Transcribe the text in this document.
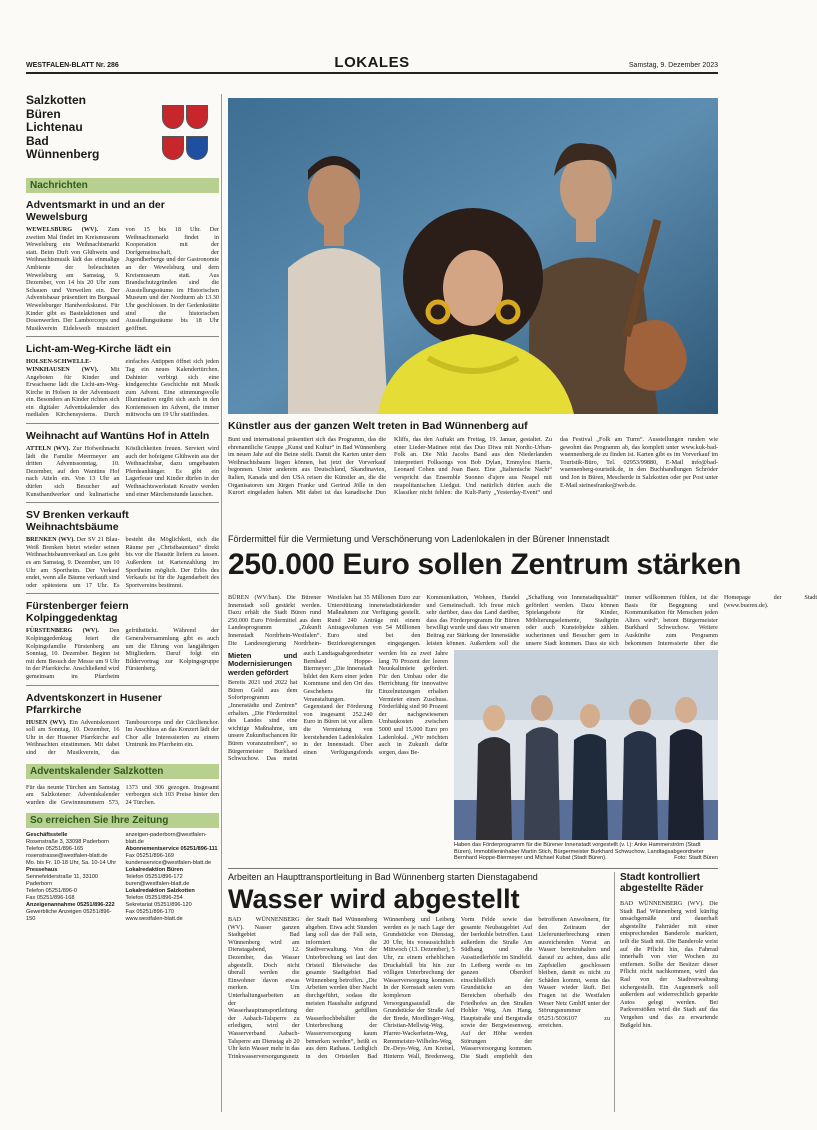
WESTFALEN-BLATT Nr. 286	LOKALES	Samstag, 9. Dezember 2023
Salzkotten
Büren
Lichtenau
Bad
Wünnenberg
Nachrichten
Adventsmarkt in und an der Wewelsburg
WEWELSBURG (WV). Zum zweiten Mal findet im Kreismuseum Wewelsburg ein Weihnachtsmarkt statt. Beim Duft von Glühwein und Weihnachtsmusik lädt das einmalige Ambiente der beleuchteten Wewelsburg am Samstag, 9. Dezember, von 14 bis 20 Uhr zum Schauen und Verweilen ein. Der Adventsbasar präsentiert im Burgsaal Wewelsburger Handwerkskunst. Für Kinder gibt es Bastelaktionen und Dosenwerfen. Der Lamborcorps und Musikverein Eidelsweib musiziert von 15 bis 18 Uhr. Der Weihnachtsmarkt findet in Kooperation mit der Dorfgemeinschaft, der Jugendherberge und der Gastronomie an der Wewelsburg und dem Kreismuseum statt. Aus Brandschutzgründen sind die Ausstellungsräume im Historischen Museum und der Nordturm ab 13.30 Uhr geschlossen. In der Gedenkstätte sind die historischen Ausstellungsräume bis 18 Uhr geöffnet.
Licht-am-Weg-Kirche lädt ein
HOLSEN-SCHWELLE-WINKHAUSEN (WV). Mit Angeboten für Kinder und Erwachsene lädt die Licht-am-Weg-Kirche in Holsen in der Adventszeit ein. Besonders an Kinder richten sich ein digitaler Adventskalender des medialen Kirchensystems. Durch einfaches Antippen öffnet sich jeden Tag ein neues Kalendertürchen. Dahinter verbirgt sich eine kindgerechte Geschichte mit Musik zum Advent. Eine stimmungsvolle Illumination ergibt sich auch in den Koniemessen im Advent, die immer mittwochs um 19 Uhr stattfinden.
Weihnacht auf Wantüns Hof in Atteln
ATTELN (WV). Zur Hofweihnacht lädt die Familie Meermeyer am dritten Adventssonntag, 10. Dezember, auf den Wantüns Hof nach Atteln ein. Von 13 Uhr an dürfen sich Besucher auf Kunsthandwerker und kulinarische Köstlichkeiten freuen. Serviert wird auch der hofeigene Glühwein aus der Weihnachtsbar, dazu umgebauten Pferdeanhänger. Es gibt ein Lagerfeuer und Kinder dürfen in der Weihnachtswerkstatt Kreativ werden und einer Märchenstunde lauschen.
SV Brenken verkauft Weihnachtsbäume
BRENKEN (WV). Der SV 21 Blau-Weiß Brenken bietet wieder seinen Weihnachtsbaumverkauf an. Los geht es am Samstag, 9. Dezember, um 10 Uhr am Sportheim. Der Verkauf endet, wenn alle Bäume verkauft sind oder spätestens um 17 Uhr. Es besteht die Möglichkeit, sich die Räume per „Christbaumtaxi“ direkt bis vor die Haustür liefern zu lassen. Außerdem ist Kartenzahlung im Sportheim möglich. Der Erlös des Verkaufs ist für die Jugendarbeit des Sportvereins bestimmt.
Fürstenberger feiern Kolpinggedenktag
FÜRSTENBERG (WV). Den Kolpinggedenktag feiert die Kolpingsfamilie Fürstenberg am Sonntag, 10. Dezember. Beginn ist mit dem Besuch der Messe um 9 Uhr in der Pfarrkirche. Anschließend wird gemeinsam im Pfarrheim gefrühstückt. Während der Generalversammlung gibt es auch um die Ehrung von langjährigen Mitgliedern. Daruf folgt ein Bildervortrag zur Kolpingsgruppe Fürstenberg.
Adventskonzert in Husener Pfarrkirche
HUSEN (WV). Ein Adventskonzert soll am Sonntag, 10. Dezember, 16 Uhr in der Husener Pfarrkirche auf Weihnachten einstimmen. Mit dabei sind der Musikverein, das Tambourcorps und der Cäcilienchor. Im Anschluss an das Konzert lädt der Chor alle Interessierten zu einem Umtrunk ins Pfarrheim ein.
Adventskalender Salzkotten
Für das neunte Türchen am Samstag am Salzkotener Adventskalender wurden die Gewinnnummern 573, 1373 und 306 gezogen. Insgesamt verborgen sich 103 Preise hinter den 24 Türchen.
So erreichen Sie Ihre Zeitung
Geschäftsstelle
Rosenstraße 3, 33098 Paderborn
Telefon 05251/896-165
rosenstrasse@westfalen-blatt.de
Mo. bis Fr. 10-18 Uhr, Sa. 10-14 Uhr
Pressehaus
Sennefelderstraße 11, 33100 Paderborn
Telefon 05251/896-0
Fax 05251/896-168
Anzeigenannahme 05251/896-222
Gewerbliche Anzeigen 05251/896-150
anzeigen-paderborn@westfalen-blatt.de
Abonnementservice 05251/896-111
Fax 05251/896-169
kundenservice@westfalen-blatt.de
Lokalredaktion Büren
Telefon 05251/896-172
buren@westfalen-blatt.de
Lokalredaktion Salzkotten
Telefon 05251/896-254
Sekretariat 05251/896-120
Fax 05251/896-170
www.westfalen-blatt.de
Künstler aus der ganzen Welt treten in Bad Wünnenberg auf
Bunt und international präsentiert sich das Programm, das die ehrenamtliche Gruppe „Kunst und Kultur“ in Bad Wünnenberg im neuen Jahr auf die Beine stellt. Damit die Karten unter dem Weihnachtsbaum liegen können, hat jetzt der Vorverkauf begonnen. Unter anderem aus Deutschland, Skandinavien, Italien, Kanada und den USA reisen die Künstler an, die die Organisatoren um Jürgen Franke und Gertrud Jölle in den Kurort eingeladen haben. Mit dabei ist das kanadische Duo Kliffs, das den Auftakt am Freitag, 19. Januar, gestaltet. Zu einer Lieder-Matinee reist das Duo Diwa mit Nordic-Urban-Folk an. Die Niki Jacobs Band aus den Niederlanden interpretiert Folksongs von Bob Dylan, Emmylou Harris, Leonard Cohen und Joan Baez. Eine „Italienische Nacht“ verspricht das Ensemble Suonno d'ajere aus Neapel mit neapolitanischen Liedgut. Und natürlich dürfen auch die Klassiker nicht fehlen: die Kult-Party „Yesterday-Event“ und das Festival „Folk am Turm“. Ausstellungen runden wie gewohnt das Programm ab, das komplett unter www.kuk-bad-wuennenberg.de zu finden ist. Karten gibt es im Vorverkauf im Touristik-Büro, Tel. 02953/99880, E-Mail info@bad-wuennenberg-touristik.de, in den Buchhandlungen Schröder und Jon in Büren, Mescherde in Salzkotten oder per Post unter E-Mail steinesfranke@web.de.
Fördermittel für die Vermietung und Verschönerung von Ladenlokalen in der Bürener Innenstadt
250.000 Euro sollen Zentrum stärken
BÜREN (WV/han). Die Bürener Innenstadt soll gestärkt werden. Dazu erhält die Stadt Büren rund 250.000 Euro Fördermittel aus dem Landesprogramm „Zukunft Innenstadt Nordrhein-Westfalen“. Die Landesregierung Nordrhein-Westfalen hat 35 Millionen Euro zur Unterstützung innenstadtstärkender Maßnahmen zur Verfügung gestellt. Rund 240 Anträge mit einem Antragsvolumen von 54 Millionen Euro sind bei den Bezirksregierungen eingegangen. Kommunikation, Wohnen, Handel und Gemeinschaft. Ich freue mich sehr darüber, dass das Land darüber, dass das Förderprogramm für Büren bewilligt wurde und dass wir unseren Beitrag zur Stärkung der Innenstädte leisten können. Außerdem soll die „Schaffung von Innenstadtqualität“ gefördert werden. Dazu können Spielangebote für Kinder, Möblierungselemente, Stadtgrün oder auch Kunstobjekte zählen. sucherinnen und Besucher gern in unsere Stadt kommen. Dass sie sich immer willkommen fühlen, ist die Basis für Begegnung und Kommunikation für Menschen jeden Alters wird“, betont Bürgermeister Burkhard Schwuchow. Weitere Auskünfte zum Programm bekommen Interessierte über die Homepage der Stadt (www.bueren.de).
Mieten und Modernisierungen werden gefördert
Bereits 2021 und 2022 hat Büren Geld aus dem Sofortprogramm „Innenstädte und Zentren“ erhalten. „Die Fördermittel des Landes sind eine wichtige Maßnahme, um unsere Zukunftschancen für Büren voranzutreiben“, so Bürgermeister Burkhard Schwuchow. Das meint auch Landtagsabgeordneter Bernhard Hoppe-Biermeyer: „Die Innenstadt bildet den Kern einer jeden Kommune und den Ort des Geschehens für Veranstaltungen. Gegenstand der Förderung von insgesamt 252.240 Euro in Büren ist vor allem die Vermietung von leerstehenden Ladenlokalen in der Innenstadt. Über einen Verfügungsfonds werden bis zu zwei Jahre lang 70 Prozent der leeren Neuokaltmiete gefördert. Für den Umbau oder die Herrichtung für innovative Einzelnutzungen erhalten Vermieter einen Zuschuss. Förderfähig sind 90 Prozent der nachgewiesenen Umbaukosten zwischen 5000 und 15.000 Euro pro Ladenlokal. „Wir möchten auch in Zukunft dafür sorgen, dass Be-
Haben das Förderprogramm für die Bürener Innenstadt vorgestellt (v. l.): Anke Hammerström (Stadt Büren), Immobilieninhaber Martin Stich, Bürgermeister Burkhard Schwuchow, Landtagsabgeordneter Bernhard Hoppe-Biermeyer und Michael Kubat (Stadt Büren).	Foto: Stadt Büren
Arbeiten an Haupttransportleitung in Bad Wünnenberg starten Dienstagabend
Wasser wird abgestellt
BAD WÜNNENBERG (WV). Nasser ganzen Stadtgebiet Bad Wünnenberg wird am Dienstagabend, 12. Dezember, das Wasser abgestellt. Doch nicht überall werden die Einwohner davon etwas merken. Um Unterhaltungsarbeiten an der Wasserhauptransportleitung der Aabach-Talsperre zu erledigen, wird der Wasserverband Aabach-Talsperre am Dienstag ab 20 Uhr kein Wasser mehr in das Trinkwasserversorgungsnetz der Stadt Bad Wünnenberg abgeben. Etwa acht Stunden lang soll das der Fall sein, informiert die Stadtverwaltung. Von der Unterbrechung sei laut den Ortsteil Bleiwäsche das gesamte Stadtgebiet Bad Wünnenberg betroffen. „Die Arbeiten werden über Nacht durchgeführt, sodass die meisten Haushalte aufgrund der gefüllten Wasserhochbehälter die Unterbrechung der Wasserversorgung kaum bemerken werden“, heißt es aus dem Rathaus. Lediglich in den Ortsteilen Bad Wünnenberg und Leiberg werden es je nach Lage der Grundstücke von Dienstag, 20 Uhr, bis voraussichtlich Mittwoch (13. Dezember), 5 Uhr, zu einem erheblichen Druckabfall bis hin zur völligen Unterbrechung der Wasserversorgung kommen. In der Kernstadt seien vom komplexen Versorgungsausfall die Grundstücke der Straße Auf der Brede, Mordlinger-Weg, Christian-Mellwig-Weg, Pfarrer-Wackerheim-Weg, Rennmeister-Wilhelm-Weg, Dr.-Deys-Weg, Am Kreisel, Hinterm Wall, Bredenweg, Vorm Felde sowie das gesamte Neubaugebiet Auf der Iserkuhle betroffen. Laut außerdem die Straße Am Südhang und die Ausstiedlerhöfe im Sindfeld. In Leiberg werde es im ganzen Oberdorf einschließlich der Grundstücke an den Bereichen oberhalb des Friedhofes an den Straßen Hohler Weg, Am Hang, Hauptstraße und Bergstraße sowie der Bergwiesenweg. Auf der Höhe werden Störungen der Wasserversorgung kommen. Die Stadt empfiehlt den betroffenen Anwohnern, für den Zeitraum der Lieferunterbrechung einen ausreichenden Vorrat an Wasser bereitzuhalten und darauf zu achten, dass alle Zapfstellen geschlossen bleiben, damit es nicht zu Schäden kommt, wenn das Wasser wieder läuft. Bei Fragen ist die Westfalen Weser Netz GmbH unter der Störungsnummer 05251/5036107 zu erreichen.
Stadt kontrolliert abgestellte Räder
BAD WÜNNENBERG (WV). Die Stadt Bad Wünnenberg wird künftig unsachgemäße und dauerhaft abgestellte Fahrräder mit einer entsprechenden Banderole markiert, teilt die Stadt mit. Die Banderole weist auf die Pflicht hin, das Fahrrad innerhalb von vier Wochen zu entfernen. Sollte der Besitzer dieser Pflicht nicht nachkommen, wird das Rad von der Stadtverwaltung sichergestellt. Ein Augenmerk soll außerdem auf widerrechtlich geparkte Autos gelegt werden. Bei Parkverstößen wird die Stadt auf das Vergehen und das zu erwartende Bußgeld hin.
